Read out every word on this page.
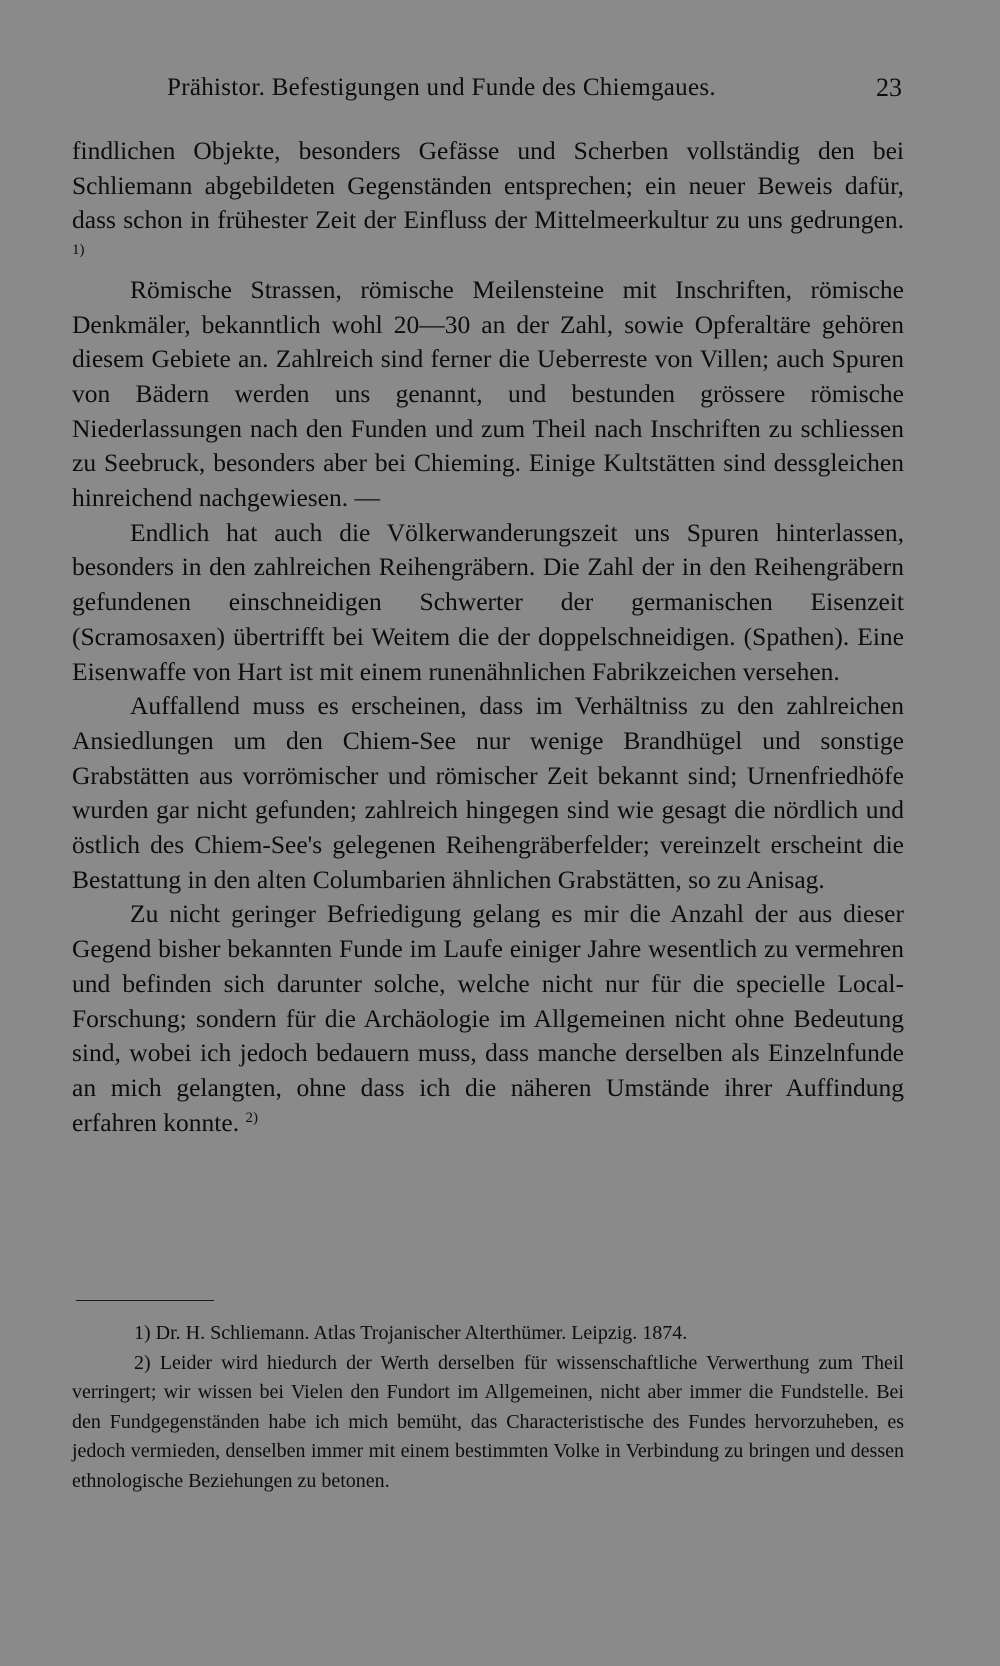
Prähistor. Befestigungen und Funde des Chiemgaues.	23

findlichen Objekte, besonders Gefässe und Scherben vollständig den bei Schliemann abgebildeten Gegenständen entsprechen; ein neuer Beweis dafür, dass schon in frühester Zeit der Einfluss der Mittelmeerkultur zu uns gedrungen. $^{1)}$

Römische Strassen, römische Meilensteine mit Inschriften, römische Denkmäler, bekanntlich wohl 20—30 an der Zahl, sowie Opferaltäre gehören diesem Gebiete an. Zahlreich sind ferner die Ueberreste von Villen; auch Spuren von Bädern werden uns genannt, und bestunden grössere römische Niederlassungen nach den Funden und zum Theil nach Inschriften zu schliessen zu Seebruck, besonders aber bei Chieming. Einige Kultstätten sind dessgleichen hinreichend nachgewiesen. —

Endlich hat auch die Völkerwanderungszeit uns Spuren hinterlassen, besonders in den zahlreichen Reihengräbern. Die Zahl der in den Reihengräbern gefundenen einschneidigen Schwerter der germanischen Eisenzeit (Scramosaxen) übertrifft bei Weitem die der doppelschneidigen. (Spathen). Eine Eisenwaffe von Hart ist mit einem runenähnlichen Fabrikzeichen versehen.

Auffallend muss es erscheinen, dass im Verhältniss zu den zahlreichen Ansiedlungen um den Chiem-See nur wenige Brandhügel und sonstige Grabstätten aus vorrömischer und römischer Zeit bekannt sind; Urnenfriedhöfe wurden gar nicht gefunden; zahlreich hingegen sind wie gesagt die nördlich und östlich des Chiem-See's gelegenen Reihengräberfelder; vereinzelt erscheint die Bestattung in den alten Columbarien ähnlichen Grabstätten, so zu Anisag.

Zu nicht geringer Befriedigung gelang es mir die Anzahl der aus dieser Gegend bisher bekannten Funde im Laufe einiger Jahre wesentlich zu vermehren und befinden sich darunter solche, welche nicht nur für die specielle Local-Forschung; sondern für die Archäologie im Allgemeinen nicht ohne Bedeutung sind, wobei ich jedoch bedauern muss, dass manche derselben als Einzelnfunde an mich gelangten, ohne dass ich die näheren Umstände ihrer Auffindung erfahren konnte. $^{2)}$

1) Dr. H. Schliemann. Atlas Trojanischer Alterthümer. Leipzig. 1874.

2) Leider wird hiedurch der Werth derselben für wissenschaftliche Verwerthung zum Theil verringert; wir wissen bei Vielen den Fundort im Allgemeinen, nicht aber immer die Fundstelle. Bei den Fundgegenständen habe ich mich bemüht, das Characteristische des Fundes hervorzuheben, es jedoch vermieden, denselben immer mit einem bestimmten Volke in Verbindung zu bringen und dessen ethnologische Beziehungen zu betonen.
